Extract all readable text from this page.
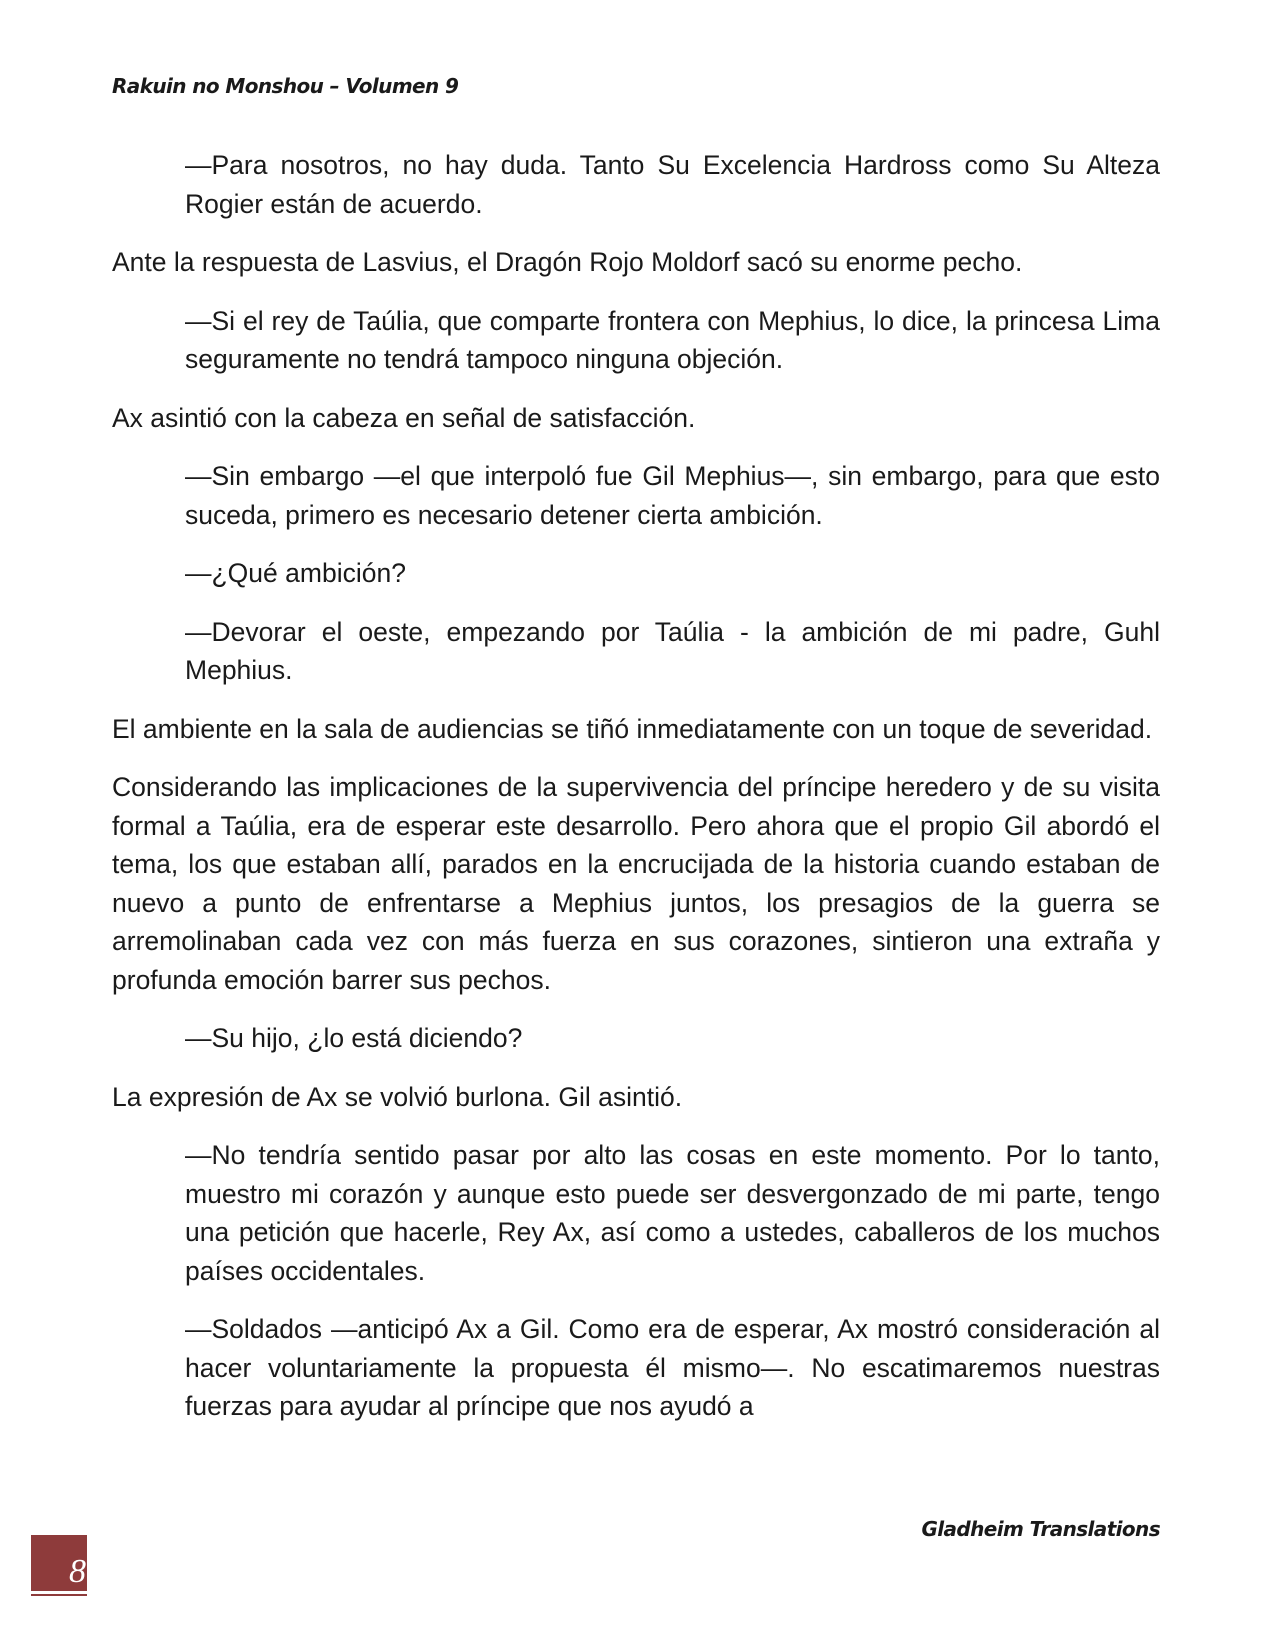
Rakuin no Monshou – Volumen 9

—Para nosotros, no hay duda. Tanto Su Excelencia Hardross como Su Alteza Rogier están de acuerdo.

Ante la respuesta de Lasvius, el Dragón Rojo Moldorf sacó su enorme pecho.

—Si el rey de Taúlia, que comparte frontera con Mephius, lo dice, la princesa Lima seguramente no tendrá tampoco ninguna objeción.

Ax asintió con la cabeza en señal de satisfacción.

—Sin embargo —el que interpoló fue Gil Mephius—, sin embargo, para que esto suceda, primero es necesario detener cierta ambición.

—¿Qué ambición?

—Devorar el oeste, empezando por Taúlia - la ambición de mi padre, Guhl Mephius.

El ambiente en la sala de audiencias se tiñó inmediatamente con un toque de severidad.

Considerando las implicaciones de la supervivencia del príncipe heredero y de su visita formal a Taúlia, era de esperar este desarrollo. Pero ahora que el propio Gil abordó el tema, los que estaban allí, parados en la encrucijada de la historia cuando estaban de nuevo a punto de enfrentarse a Mephius juntos, los presagios de la guerra se arremolinaban cada vez con más fuerza en sus corazones, sintieron una extraña y profunda emoción barrer sus pechos.

—Su hijo, ¿lo está diciendo?

La expresión de Ax se volvió burlona. Gil asintió.

—No tendría sentido pasar por alto las cosas en este momento. Por lo tanto, muestro mi corazón y aunque esto puede ser desvergonzado de mi parte, tengo una petición que hacerle, Rey Ax, así como a ustedes, caballeros de los muchos países occidentales.

—Soldados —anticipó Ax a Gil. Como era de esperar, Ax mostró consideración al hacer voluntariamente la propuesta él mismo—. No escatimaremos nuestras fuerzas para ayudar al príncipe que nos ayudó a

Gladheim Translations
8
